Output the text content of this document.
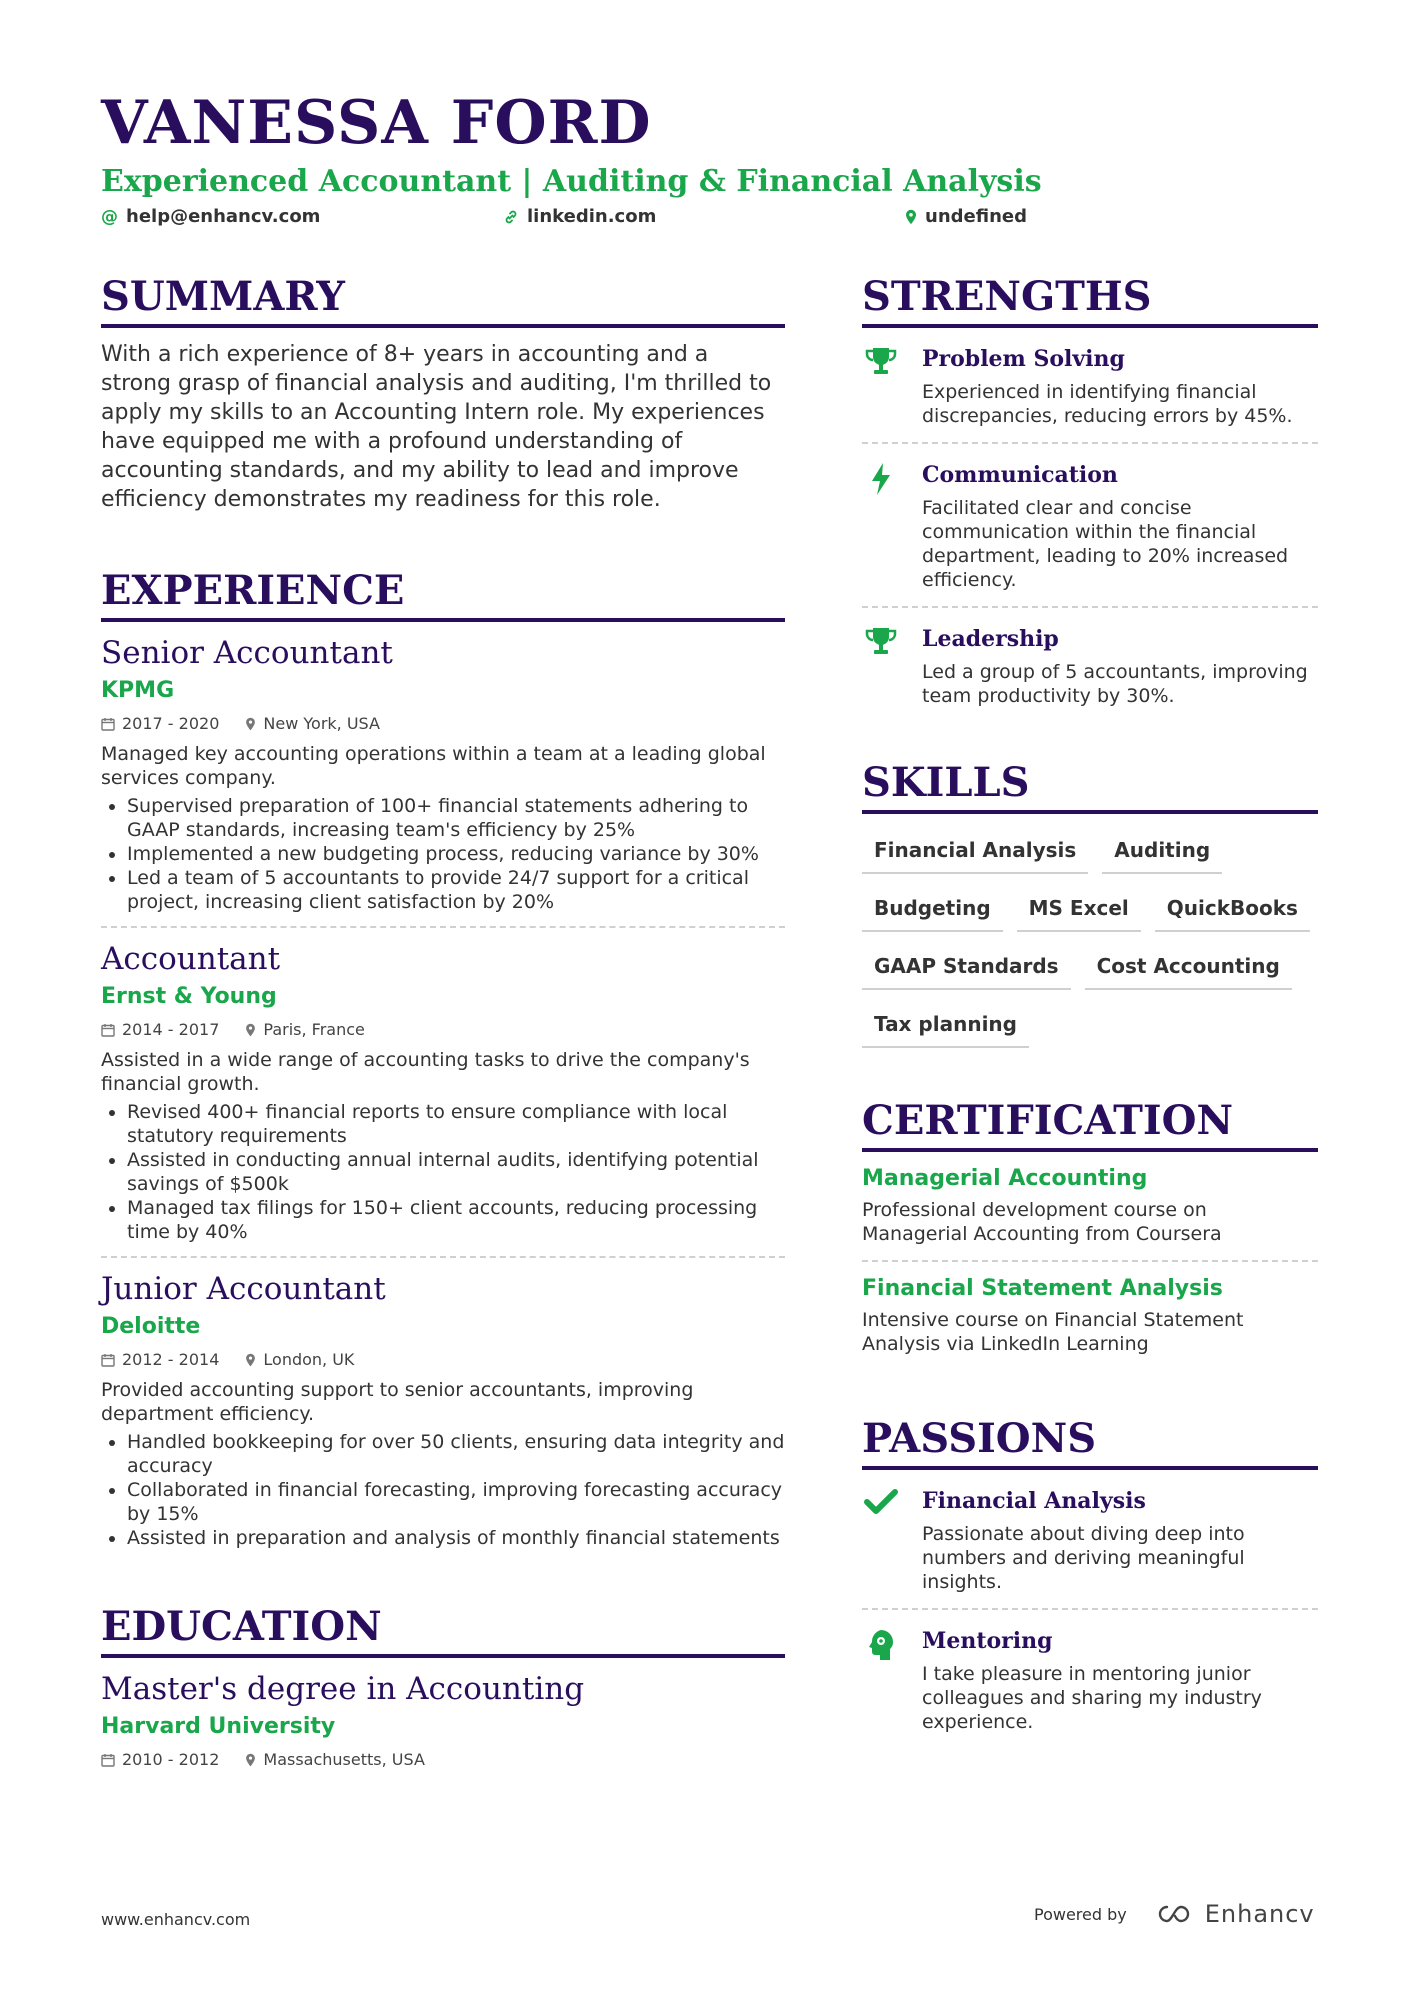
VANESSA FORD
Experienced Accountant | Auditing & Financial Analysis
@ help@enhancv.com	linkedin.com	undefined
SUMMARY
With a rich experience of 8+ years in accounting and a strong grasp of financial analysis and auditing, I'm thrilled to apply my skills to an Accounting Intern role. My experiences have equipped me with a profound understanding of accounting standards, and my ability to lead and improve efficiency demonstrates my readiness for this role.
EXPERIENCE
Senior Accountant
KPMG
2017 - 2020	New York, USA
Managed key accounting operations within a team at a leading global services company.
• Supervised preparation of 100+ financial statements adhering to GAAP standards, increasing team's efficiency by 25%
• Implemented a new budgeting process, reducing variance by 30%
• Led a team of 5 accountants to provide 24/7 support for a critical project, increasing client satisfaction by 20%
Accountant
Ernst & Young
2014 - 2017	Paris, France
Assisted in a wide range of accounting tasks to drive the company's financial growth.
• Revised 400+ financial reports to ensure compliance with local statutory requirements
• Assisted in conducting annual internal audits, identifying potential savings of $500k
• Managed tax filings for 150+ client accounts, reducing processing time by 40%
Junior Accountant
Deloitte
2012 - 2014	London, UK
Provided accounting support to senior accountants, improving department efficiency.
• Handled bookkeeping for over 50 clients, ensuring data integrity and accuracy
• Collaborated in financial forecasting, improving forecasting accuracy by 15%
• Assisted in preparation and analysis of monthly financial statements
EDUCATION
Master's degree in Accounting
Harvard University
2010 - 2012	Massachusetts, USA
STRENGTHS
Problem Solving
Experienced in identifying financial discrepancies, reducing errors by 45%.
Communication
Facilitated clear and concise communication within the financial department, leading to 20% increased efficiency.
Leadership
Led a group of 5 accountants, improving team productivity by 30%.
SKILLS
Financial Analysis	Auditing
Budgeting	MS Excel	QuickBooks
GAAP Standards	Cost Accounting
Tax planning
CERTIFICATION
Managerial Accounting
Professional development course on Managerial Accounting from Coursera
Financial Statement Analysis
Intensive course on Financial Statement Analysis via LinkedIn Learning
PASSIONS
Financial Analysis
Passionate about diving deep into numbers and deriving meaningful insights.
Mentoring
I take pleasure in mentoring junior colleagues and sharing my industry experience.
www.enhancv.com	Powered by	Enhancv
